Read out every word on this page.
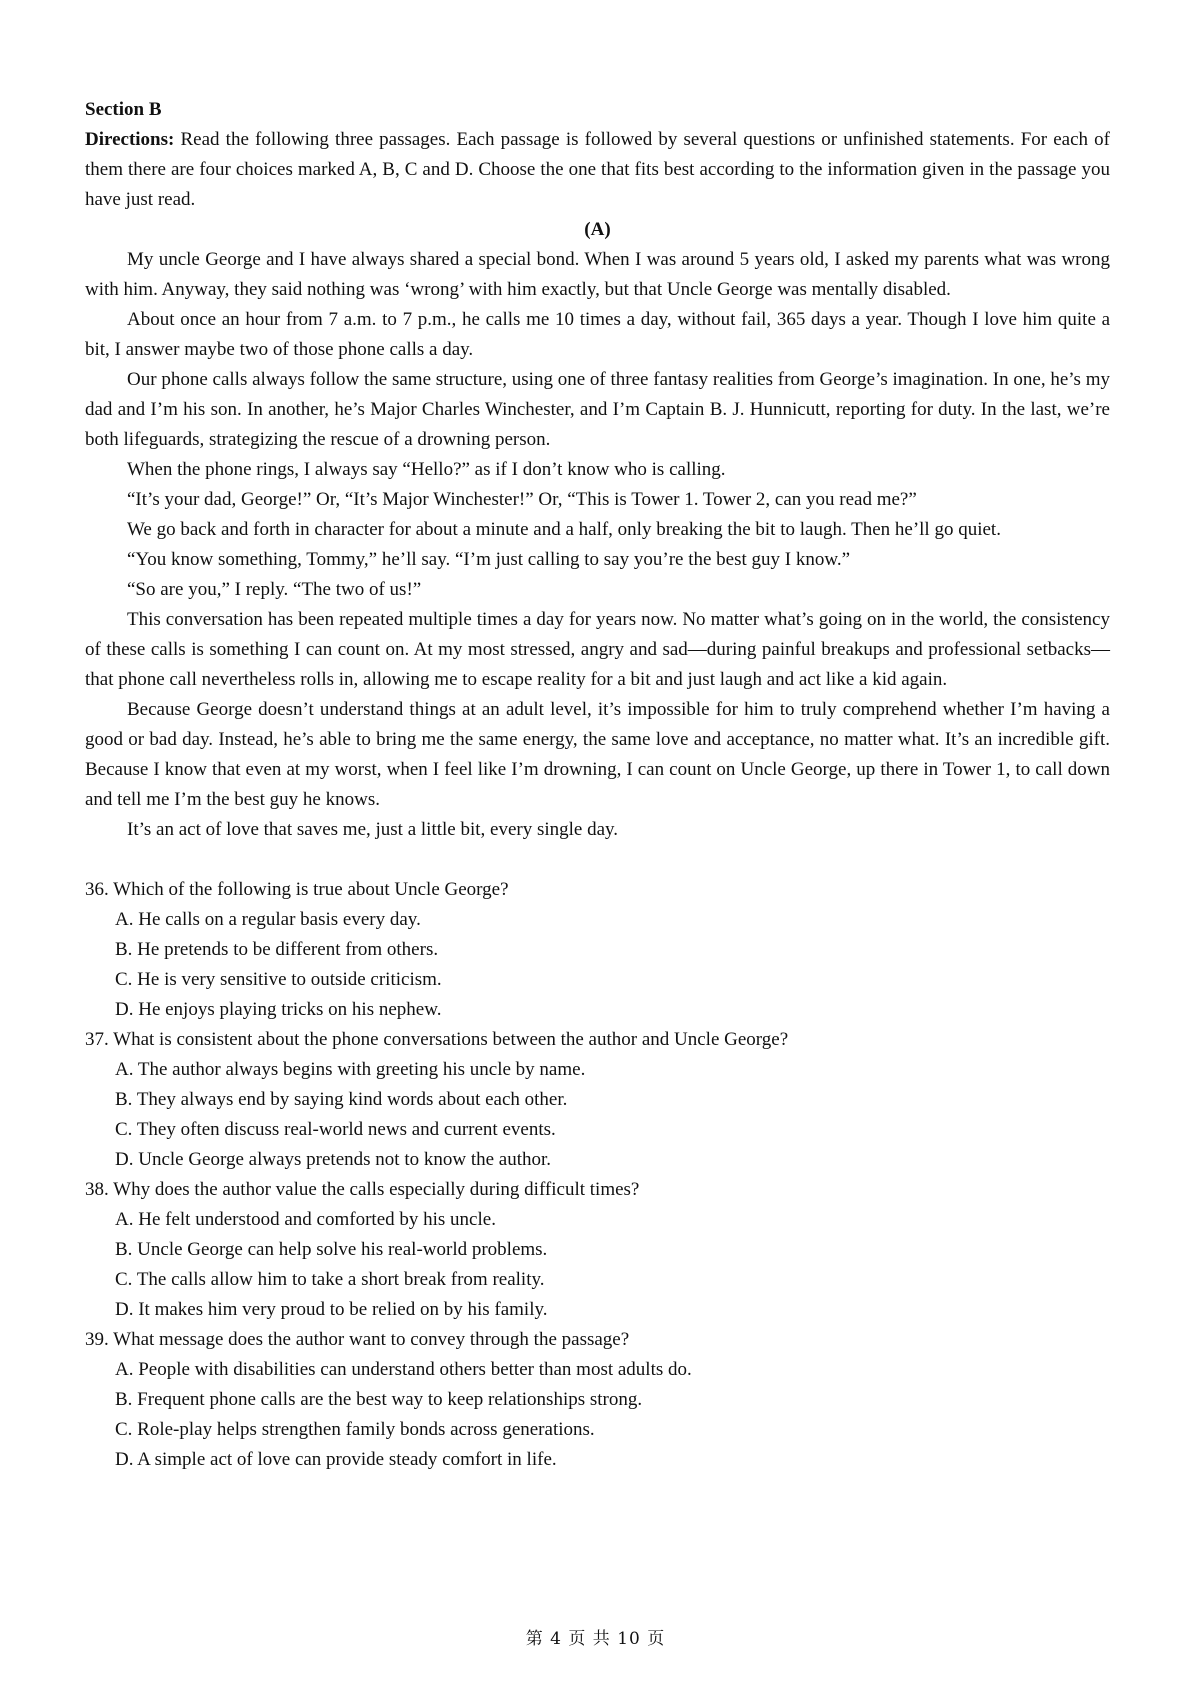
Section B

Directions: Read the following three passages. Each passage is followed by several questions or unfinished statements. For each of them there are four choices marked A, B, C and D. Choose the one that fits best according to the information given in the passage you have just read.

(A)

My uncle George and I have always shared a special bond. When I was around 5 years old, I asked my parents what was wrong with him. Anyway, they said nothing was ‘wrong’ with him exactly, but that Uncle George was mentally disabled.

About once an hour from 7 a.m. to 7 p.m., he calls me 10 times a day, without fail, 365 days a year. Though I love him quite a bit, I answer maybe two of those phone calls a day.

Our phone calls always follow the same structure, using one of three fantasy realities from George’s imagination. In one, he’s my dad and I’m his son. In another, he’s Major Charles Winchester, and I’m Captain B. J. Hunnicutt, reporting for duty. In the last, we’re both lifeguards, strategizing the rescue of a drowning person.

When the phone rings, I always say “Hello?” as if I don’t know who is calling.

“It’s your dad, George!” Or, “It’s Major Winchester!” Or, “This is Tower 1. Tower 2, can you read me?”

We go back and forth in character for about a minute and a half, only breaking the bit to laugh. Then he’ll go quiet.

“You know something, Tommy,” he’ll say. “I’m just calling to say you’re the best guy I know.”

“So are you,” I reply. “The two of us!”

This conversation has been repeated multiple times a day for years now. No matter what’s going on in the world, the consistency of these calls is something I can count on. At my most stressed, angry and sad—during painful breakups and professional setbacks—that phone call nevertheless rolls in, allowing me to escape reality for a bit and just laugh and act like a kid again.

Because George doesn’t understand things at an adult level, it’s impossible for him to truly comprehend whether I’m having a good or bad day. Instead, he’s able to bring me the same energy, the same love and acceptance, no matter what. It’s an incredible gift. Because I know that even at my worst, when I feel like I’m drowning, I can count on Uncle George, up there in Tower 1, to call down and tell me I’m the best guy he knows.

It’s an act of love that saves me, just a little bit, every single day.

36. Which of the following is true about Uncle George?

A. He calls on a regular basis every day.

B. He pretends to be different from others.

C. He is very sensitive to outside criticism.

D. He enjoys playing tricks on his nephew.

37. What is consistent about the phone conversations between the author and Uncle George?

A. The author always begins with greeting his uncle by name.

B. They always end by saying kind words about each other.

C. They often discuss real-world news and current events.

D. Uncle George always pretends not to know the author.

38. Why does the author value the calls especially during difficult times?

A. He felt understood and comforted by his uncle.

B. Uncle George can help solve his real-world problems.

C. The calls allow him to take a short break from reality.

D. It makes him very proud to be relied on by his family.

39. What message does the author want to convey through the passage?

A. People with disabilities can understand others better than most adults do.

B. Frequent phone calls are the best way to keep relationships strong.

C. Role-play helps strengthen family bonds across generations.

D. A simple act of love can provide steady comfort in life.

第 4 页 共 10 页
